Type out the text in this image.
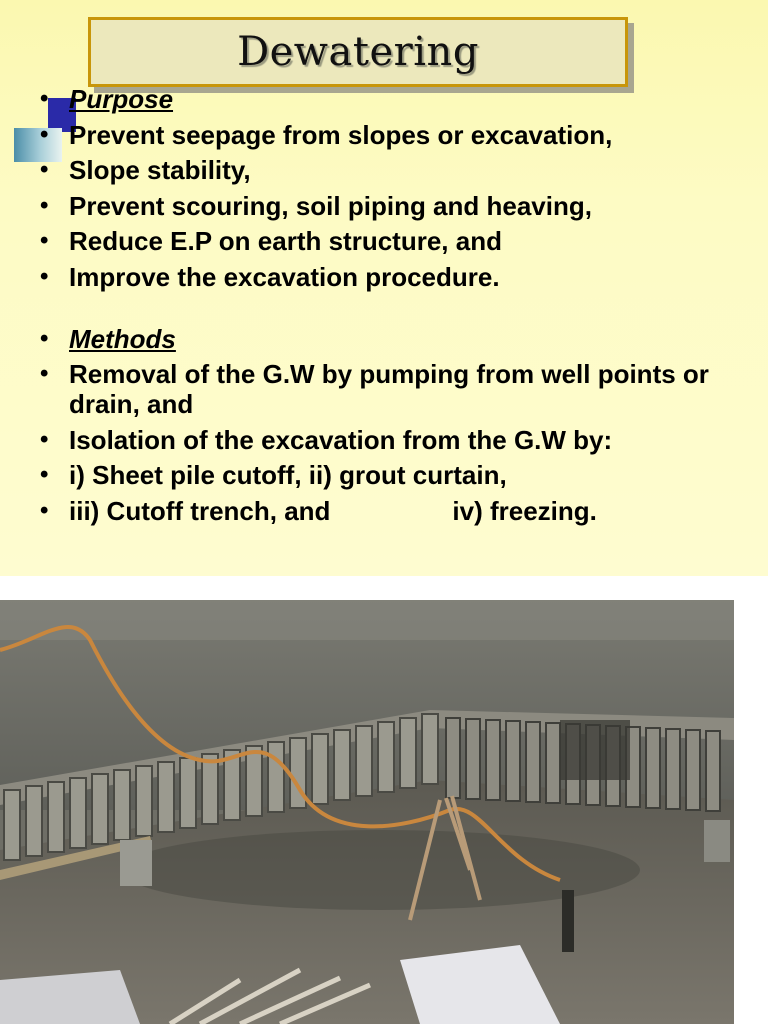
Dewatering
• Purpose
• Prevent seepage from slopes or excavation,
• Slope stability,
• Prevent scouring, soil piping and heaving,
• Reduce E.P on earth structure, and
• Improve the excavation procedure.
• Methods
• Removal of the G.W by pumping from well points or drain, and
• Isolation of the excavation from the G.W by:
• i) Sheet pile cutoff, ii) grout curtain,
• iii) Cutoff trench, and	iv) freezing.
